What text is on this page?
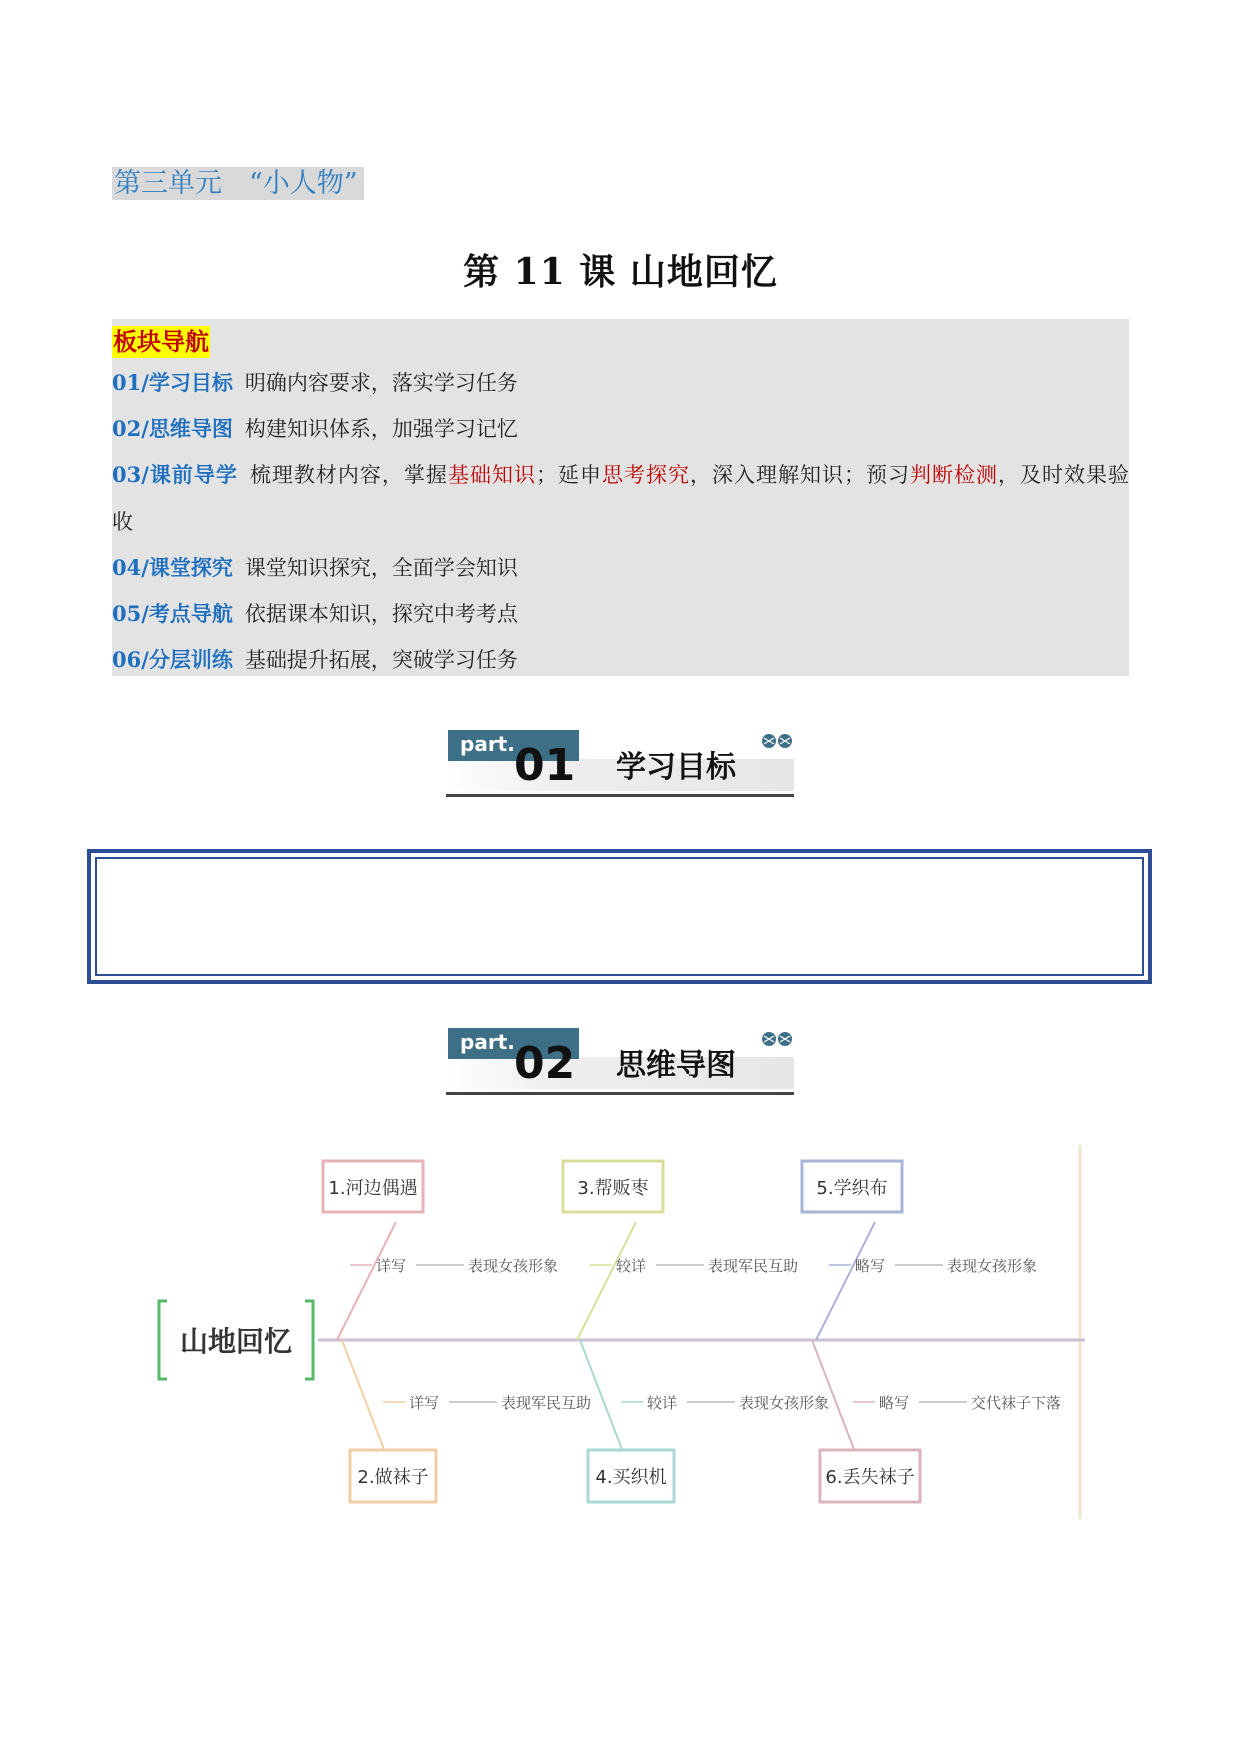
第三单元　“小人物”
第 11 课 山地回忆
板块导航
01/学习目标 明确内容要求，落实学习任务
02/思维导图 构建知识体系，加强学习记忆
03/课前导学 梳理教材内容，掌握基础知识；延申思考探究，深入理解知识；预习判断检测，及时效果验
收
04/课堂探究 课堂知识探究，全面学会知识
05/考点导航 依据课本知识，探究中考考点
06/分层训练 基础提升拓展，突破学习任务
part. 01 学习目标
part. 02 思维导图
山地回忆
1.河边偶遇
详写	表现女孩形象
3.帮贩枣
较详	表现军民互助
5.学织布
略写	表现女孩形象
2.做袜子
详写	表现军民互助
4.买织机
较详	表现女孩形象
6.丢失袜子
略写	交代袜子下落
